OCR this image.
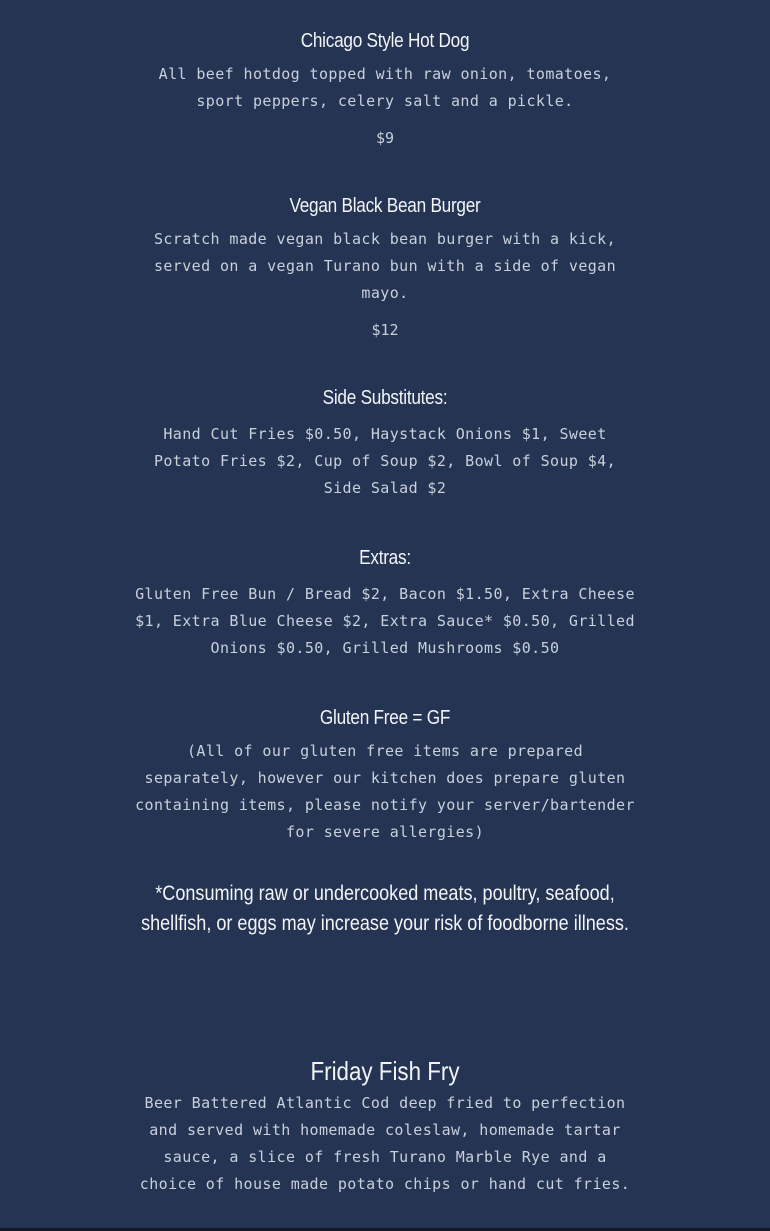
Chicago Style Hot Dog
All beef hotdog topped with raw onion, tomatoes,
sport peppers, celery salt and a pickle.
$9
Vegan Black Bean Burger
Scratch made vegan black bean burger with a kick,
served on a vegan Turano bun with a side of vegan
mayo.
$12
Side Substitutes:
Hand Cut Fries $0.50, Haystack Onions $1, Sweet
Potato Fries $2, Cup of Soup $2, Bowl of Soup $4,
Side Salad $2
Extras:
Gluten Free Bun / Bread $2, Bacon $1.50, Extra Cheese
$1, Extra Blue Cheese $2, Extra Sauce* $0.50, Grilled
Onions $0.50, Grilled Mushrooms $0.50
Gluten Free = GF
(All of our gluten free items are prepared
separately, however our kitchen does prepare gluten
containing items, please notify your server/bartender
for severe allergies)
*Consuming raw or undercooked meats, poultry, seafood,
shellfish, or eggs may increase your risk of foodborne illness.
Friday Fish Fry
Beer Battered Atlantic Cod deep fried to perfection
and served with homemade coleslaw, homemade tartar
sauce, a slice of fresh Turano Marble Rye and a
choice of house made potato chips or hand cut fries.
